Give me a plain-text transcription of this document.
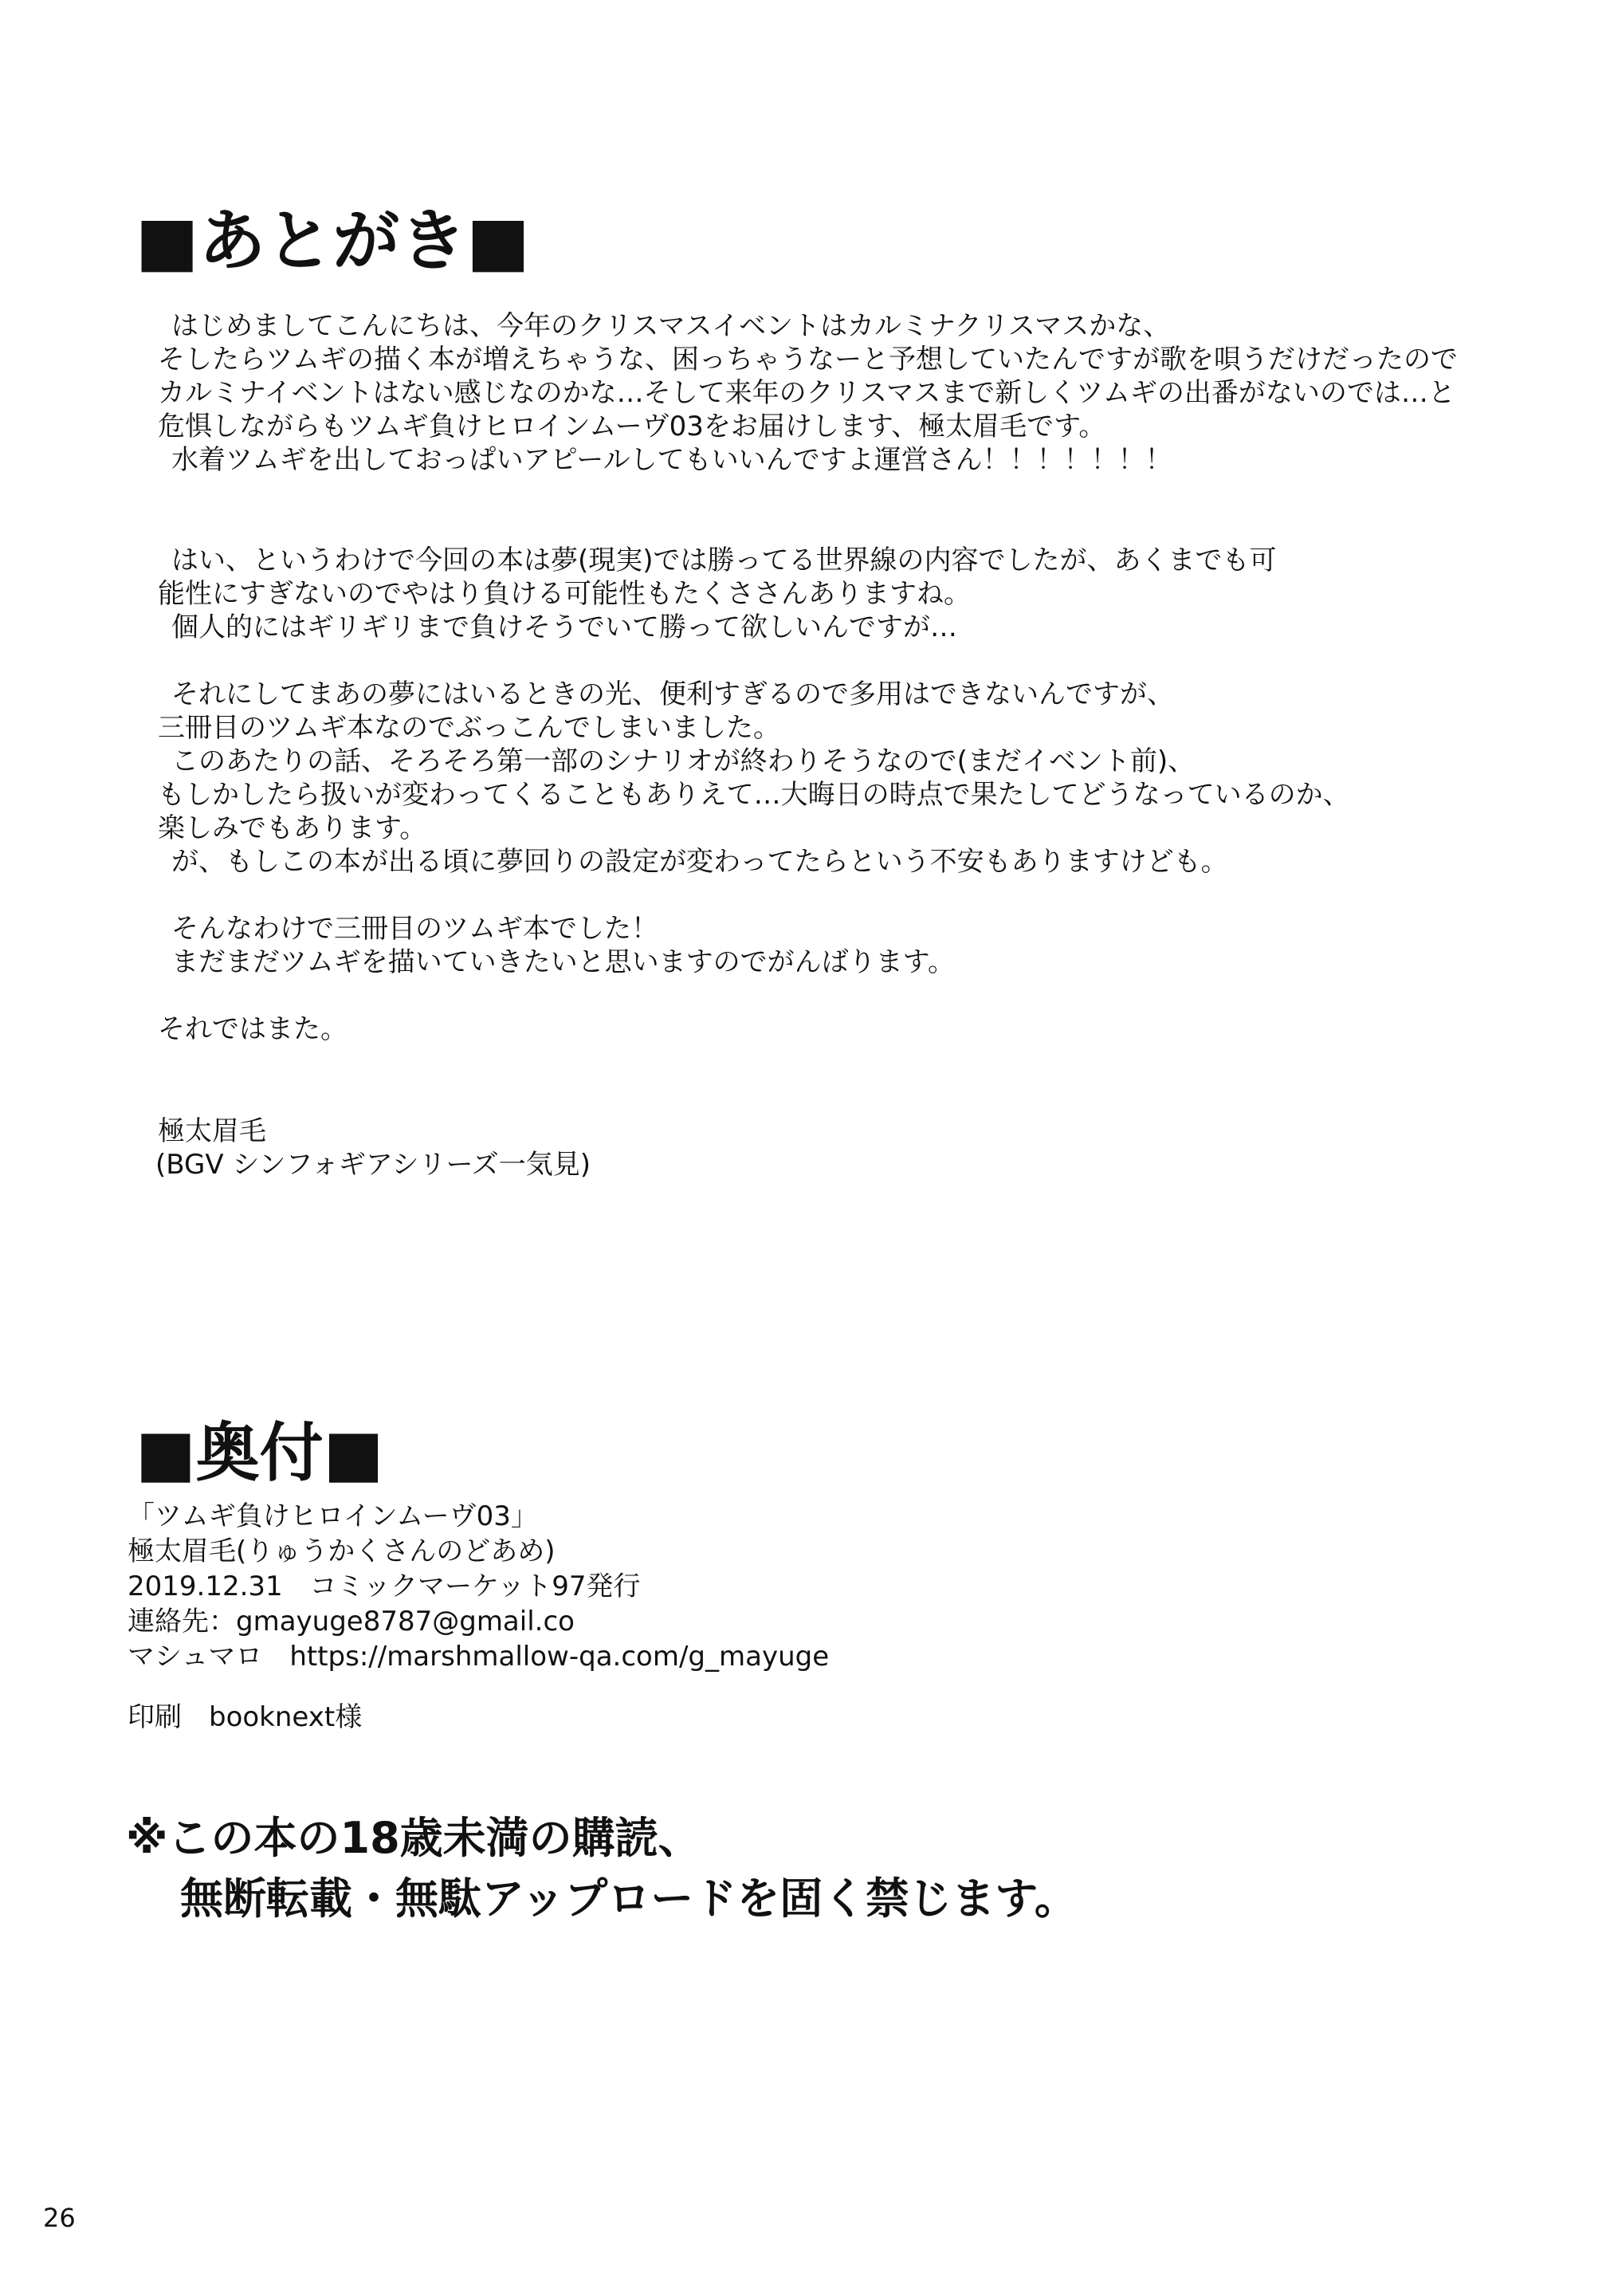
■あとがき■

はじめましてこんにちは、今年のクリスマスイベントはカルミナクリスマスかな、

そしたらツムギの描く本が増えちゃうな、困っちゃうなーと予想していたんですが歌を唄うだけだったので

カルミナイベントはない感じなのかな…そして来年のクリスマスまで新しくツムギの出番がないのでは…と

危惧しながらもツムギ負けヒロインムーヴ03をお届けします、極太眉毛です。

水着ツムギを出しておっぱいアピールしてもいいんですよ運営さん！！！！！！！

はい、というわけで今回の本は夢(現実)では勝ってる世界線の内容でしたが、あくまでも可

能性にすぎないのでやはり負ける可能性もたくささんありますね。

個人的にはギリギリまで負けそうでいて勝って欲しいんですが…

それにしてまあの夢にはいるときの光、便利すぎるので多用はできないんですが、

三冊目のツムギ本なのでぶっこんでしまいました。

このあたりの話、そろそろ第一部のシナリオが終わりそうなので(まだイベント前)、

もしかしたら扱いが変わってくることもありえて…大晦日の時点で果たしてどうなっているのか、

楽しみでもあります。

が、もしこの本が出る頃に夢回りの設定が変わってたらという不安もありますけども。

そんなわけで三冊目のツムギ本でした！

まだまだツムギを描いていきたいと思いますのでがんばります。

それではまた。

極太眉毛

(BGV シンフォギアシリーズ一気見)

■奥付■

「ツムギ負けヒロインムーヴ03」

極太眉毛(りゅうかくさんのどあめ)

2019.12.31　コミックマーケット97発行

連絡先：gmayuge8787@gmail.co

マシュマロ　https://marshmallow-qa.com/g_mayuge

印刷　booknext様

※この本の18歳未満の購読、
無断転載・無駄アップロードを固く禁じます。
26
